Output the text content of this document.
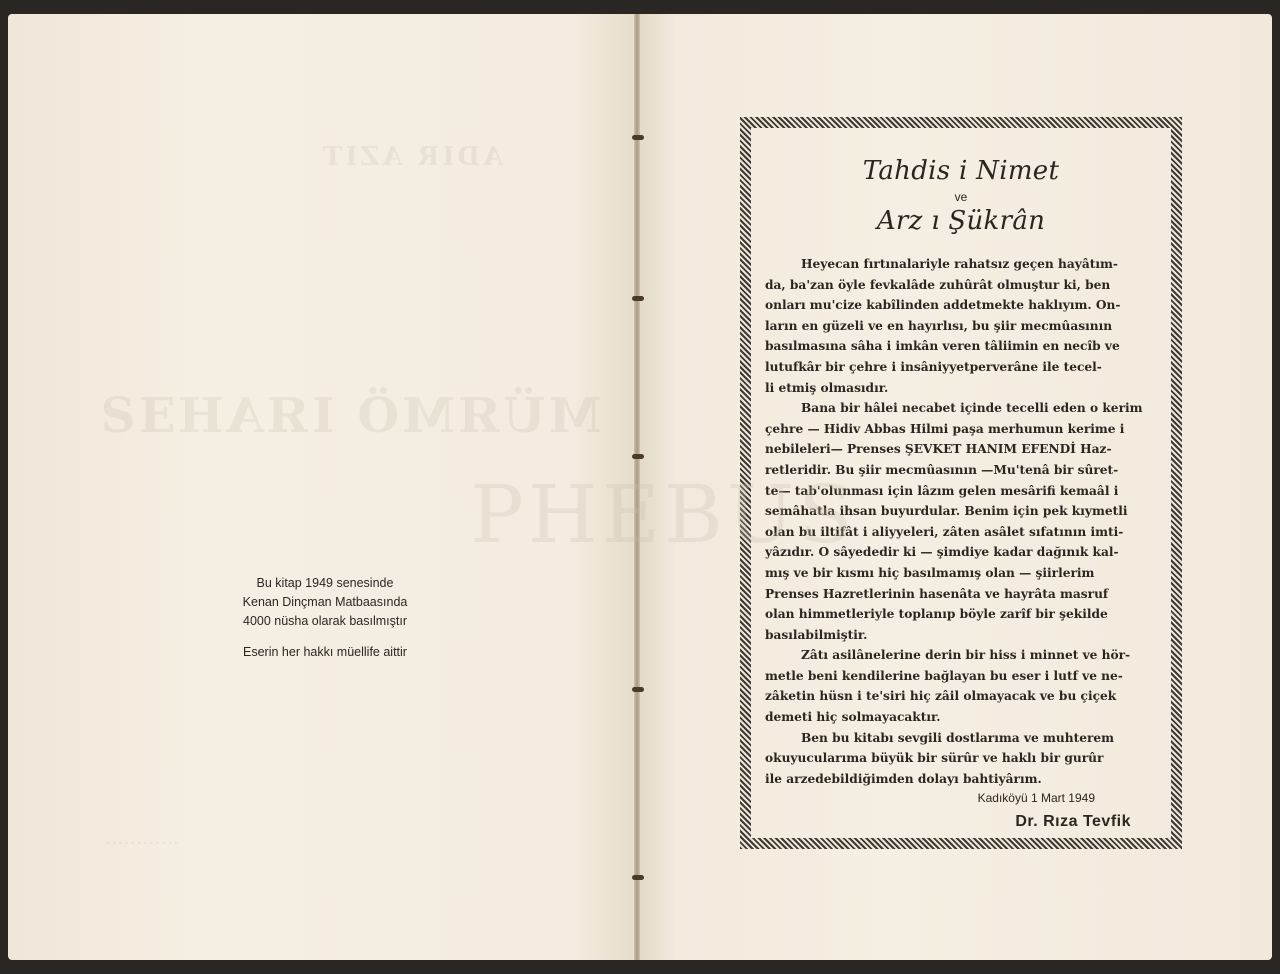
ADIR AZIT
MÜЯMÖ IЯAHƎƧ
············
Bu kitap 1949 senesinde
Kenan Dinçman Matbaasında
4000 nüsha olarak basılmıştır
Eserin her hakkı müellife aittir
Tahdis i Nimet
ve
Arz ı Şükrân
Heyecan fırtınalariyle rahatsız geçen hayâtım-
da, ba'zan öyle fevkalâde zuhûrât olmuştur ki, ben
onları mu'cize kabîlinden addetmekte haklıyım. On-
ların en güzeli ve en hayırlısı, bu şiir mecmûasının
basılmasına sâha i imkân veren tâliimin en necîb ve
lutufkâr bir çehre i insâniyyetperverâne ile tecel-
li etmiş olmasıdır.
Bana bir hâlei necabet içinde tecelli eden o kerim
çehre — Hidiv Abbas Hilmi paşa merhumun kerime i
nebileleri— Prenses ŞEVKET HANIM EFENDİ Haz-
retleridir. Bu şiir mecmûasının —Mu'tenâ bir sûret-
te— tab'olunması için lâzım gelen mesârifi kemaâl i
semâhatla ihsan buyurdular. Benim için pek kıymetli
olan bu iltifât i aliyyeleri, zâten asâlet sıfatının imti-
yâzıdır. O sâyededir ki — şimdiye kadar dağınık kal-
mış ve bir kısmı hiç basılmamış olan — şiirlerim
Prenses Hazretlerinin hasenâta ve hayrâta masruf
olan himmetleriyle toplanıp böyle zarîf bir şekilde
basılabilmiştir.
Zâtı asilânelerine derin bir hiss i minnet ve hör-
metle beni kendilerine bağlayan bu eser i lutf ve ne-
zâketin hüsn i te'siri hiç zâil olmayacak ve bu çiçek
demeti hiç solmayacaktır.
Ben bu kitabı sevgili dostlarıma ve muhterem
okuyucularıma büyük bir sürûr ve haklı bir gurûr
ile arzedebildiğimden dolayı bahtiyârım.
Kadıköyü 1 Mart 1949
Dr. Rıza Tevfik
PHEBUS
